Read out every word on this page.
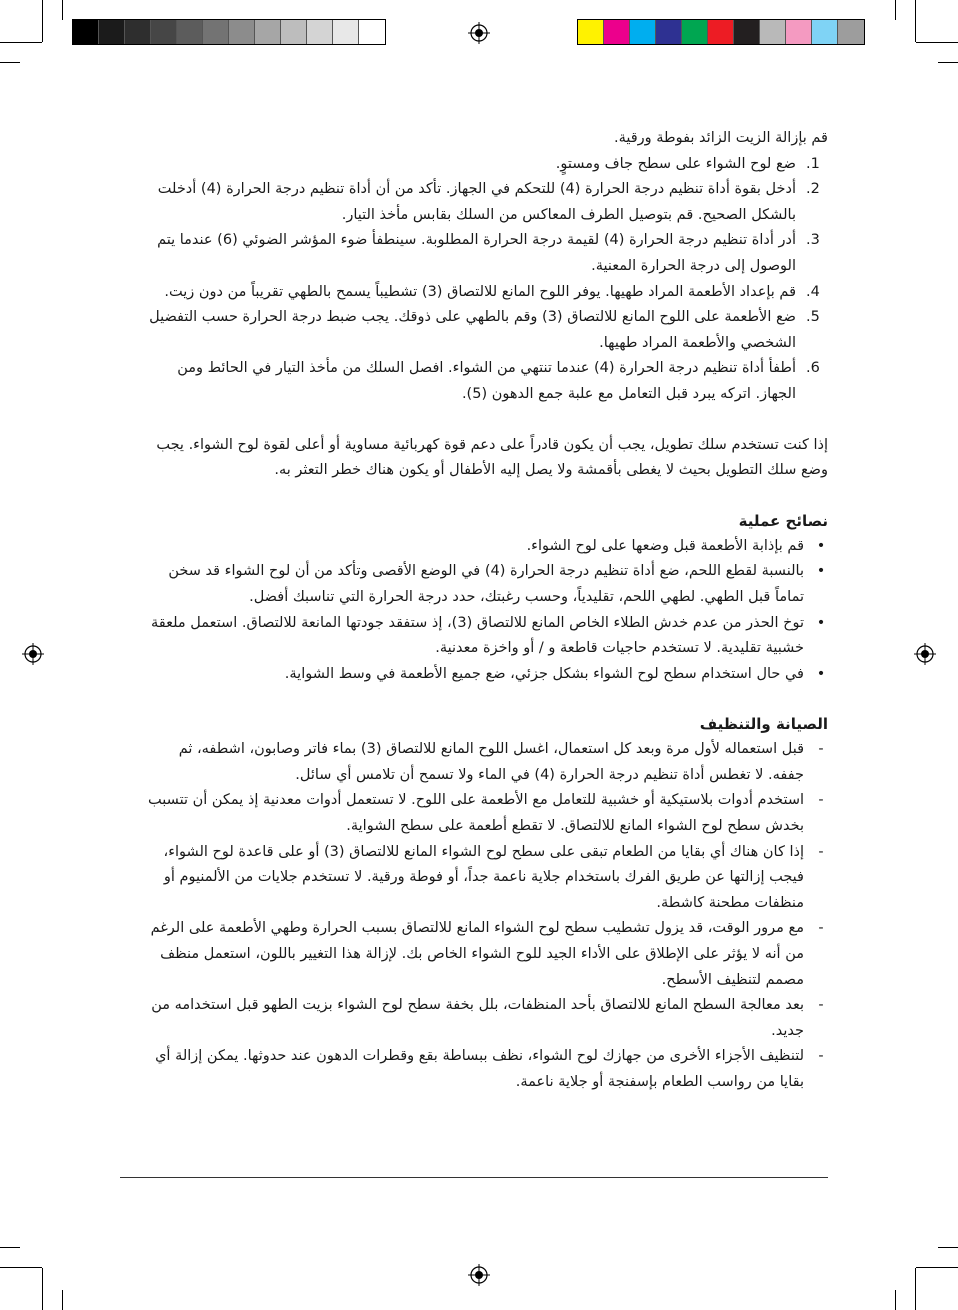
قم بإزالة الزيت الزائد بفوطة ورقية.

.1
ضع لوح الشواء على سطح جاف ومستوٍ.
.2
أدخل بقوة أداة تنظيم درجة الحرارة (4) للتحكم في الجهاز. تأكد من أن أداة تنظيم درجة الحرارة (4) أدخلت بالشكل الصحيح. قم بتوصيل الطرف المعاكس من السلك بقابس مأخذ التيار.
.3
أدر أداة تنظيم درجة الحرارة (4) لقيمة درجة الحرارة المطلوبة. سينطفأ ضوء المؤشر الضوئي (6) عندما يتم الوصول إلى درجة الحرارة المعنية.
.4
قم بإعداد الأطعمة المراد طهيها. يوفر اللوح المانع للالتصاق (3) تشطيباً يسمح بالطهي تقريباً من دون زيت.
.5
ضع الأطعمة على اللوح المانع للالتصاق (3) وقم بالطهي على ذوقك. يجب ضبط درجة الحرارة حسب التفضيل الشخصي والأطعمة المراد طهيها.
.6
أطفأ أداة تنظيم درجة الحرارة (4) عندما تنتهي من الشواء. افصل السلك من مأخذ التيار في الحائط ومن الجهاز. اتركه يبرد قبل التعامل مع علبة جمع الدهون (5).

إذا كنت تستخدم سلك تطويل، يجب أن يكون قادراً على دعم قوة كهربائية مساوية أو أعلى لقوة لوح الشواء. يجب وضع سلك التطويل بحيث لا يغطى بأقمشة ولا يصل إليه الأطفال أو يكون هناك خطر التعثر به.

نصائح عملية
•
قم بإذابة الأطعمة قبل وضعها على لوح الشواء.
•
بالنسبة لقطع اللحم، ضع أداة تنظيم درجة الحرارة (4) في الوضع الأقصى وتأكد من أن لوح الشواء قد سخن تماماً قبل الطهي. لطهي اللحم، تقليدياً، وحسب رغبتك، حدد درجة الحرارة التي تناسبك أفضل.
•
توخ الحذر من عدم خدش الطلاء الخاص المانع للالتصاق (3)، إذ ستفقد جودتها المانعة للالتصاق. استعمل ملعقة خشبية تقليدية. لا تستخدم حاجيات قاطعة و / أو واخزة معدنية.
•
في حال استخدام سطح لوح الشواء بشكل جزئي، ضع جميع الأطعمة في وسط الشواية.
الصيانة والتنظيف
-
قبل استعماله لأول مرة وبعد كل استعمال، اغسل اللوح المانع للالتصاق (3) بماء فاتر وصابون، اشطفه، ثم جففه. لا تغطس أداة تنظيم درجة الحرارة (4) في الماء ولا تسمح أن تلامس أي سائل.
-
استخدم أدوات بلاستيكية أو خشبية للتعامل مع الأطعمة على اللوح. لا تستعمل أدوات معدنية إذ يمكن أن تتسبب بخدش سطح لوح الشواء المانع للالتصاق. لا تقطع أطعمة على سطح الشواية.
-
إذا كان هناك أي بقايا من الطعام تبقى على سطح لوح الشواء المانع للالتصاق (3) أو على قاعدة لوح الشواء، فيجب إزالتها عن طريق الفرك باستخدام جلاية ناعمة جداً، أو فوطة ورقية. لا تستخدم جلايات من الألمنيوم أو منظفات مطحنة كاشطة.
-
مع مرور الوقت، قد يزول تشطيب سطح لوح الشواء المانع للالتصاق بسبب الحرارة وطهي الأطعمة على الرغم من أنه لا يؤثر على الإطلاق على الأداء الجيد للوح الشواء الخاص بك. لإزالة هذا التغيير باللون، استعمل منظف مصمم لتنظيف الأسطح.
-
بعد معالجة السطح المانع للالتصاق بأحد المنظفات، بلل بخفة سطح لوح الشواء بزيت الطهو قبل استخدامه من جديد.
-
لتنظيف الأجزاء الأخرى من جهازك لوح الشواء، نظف ببساطة بقع وقطرات الدهون عند حدوثها. يمكن إزالة أي بقايا من رواسب الطعام بإسفنجة أو جلاية ناعمة.
